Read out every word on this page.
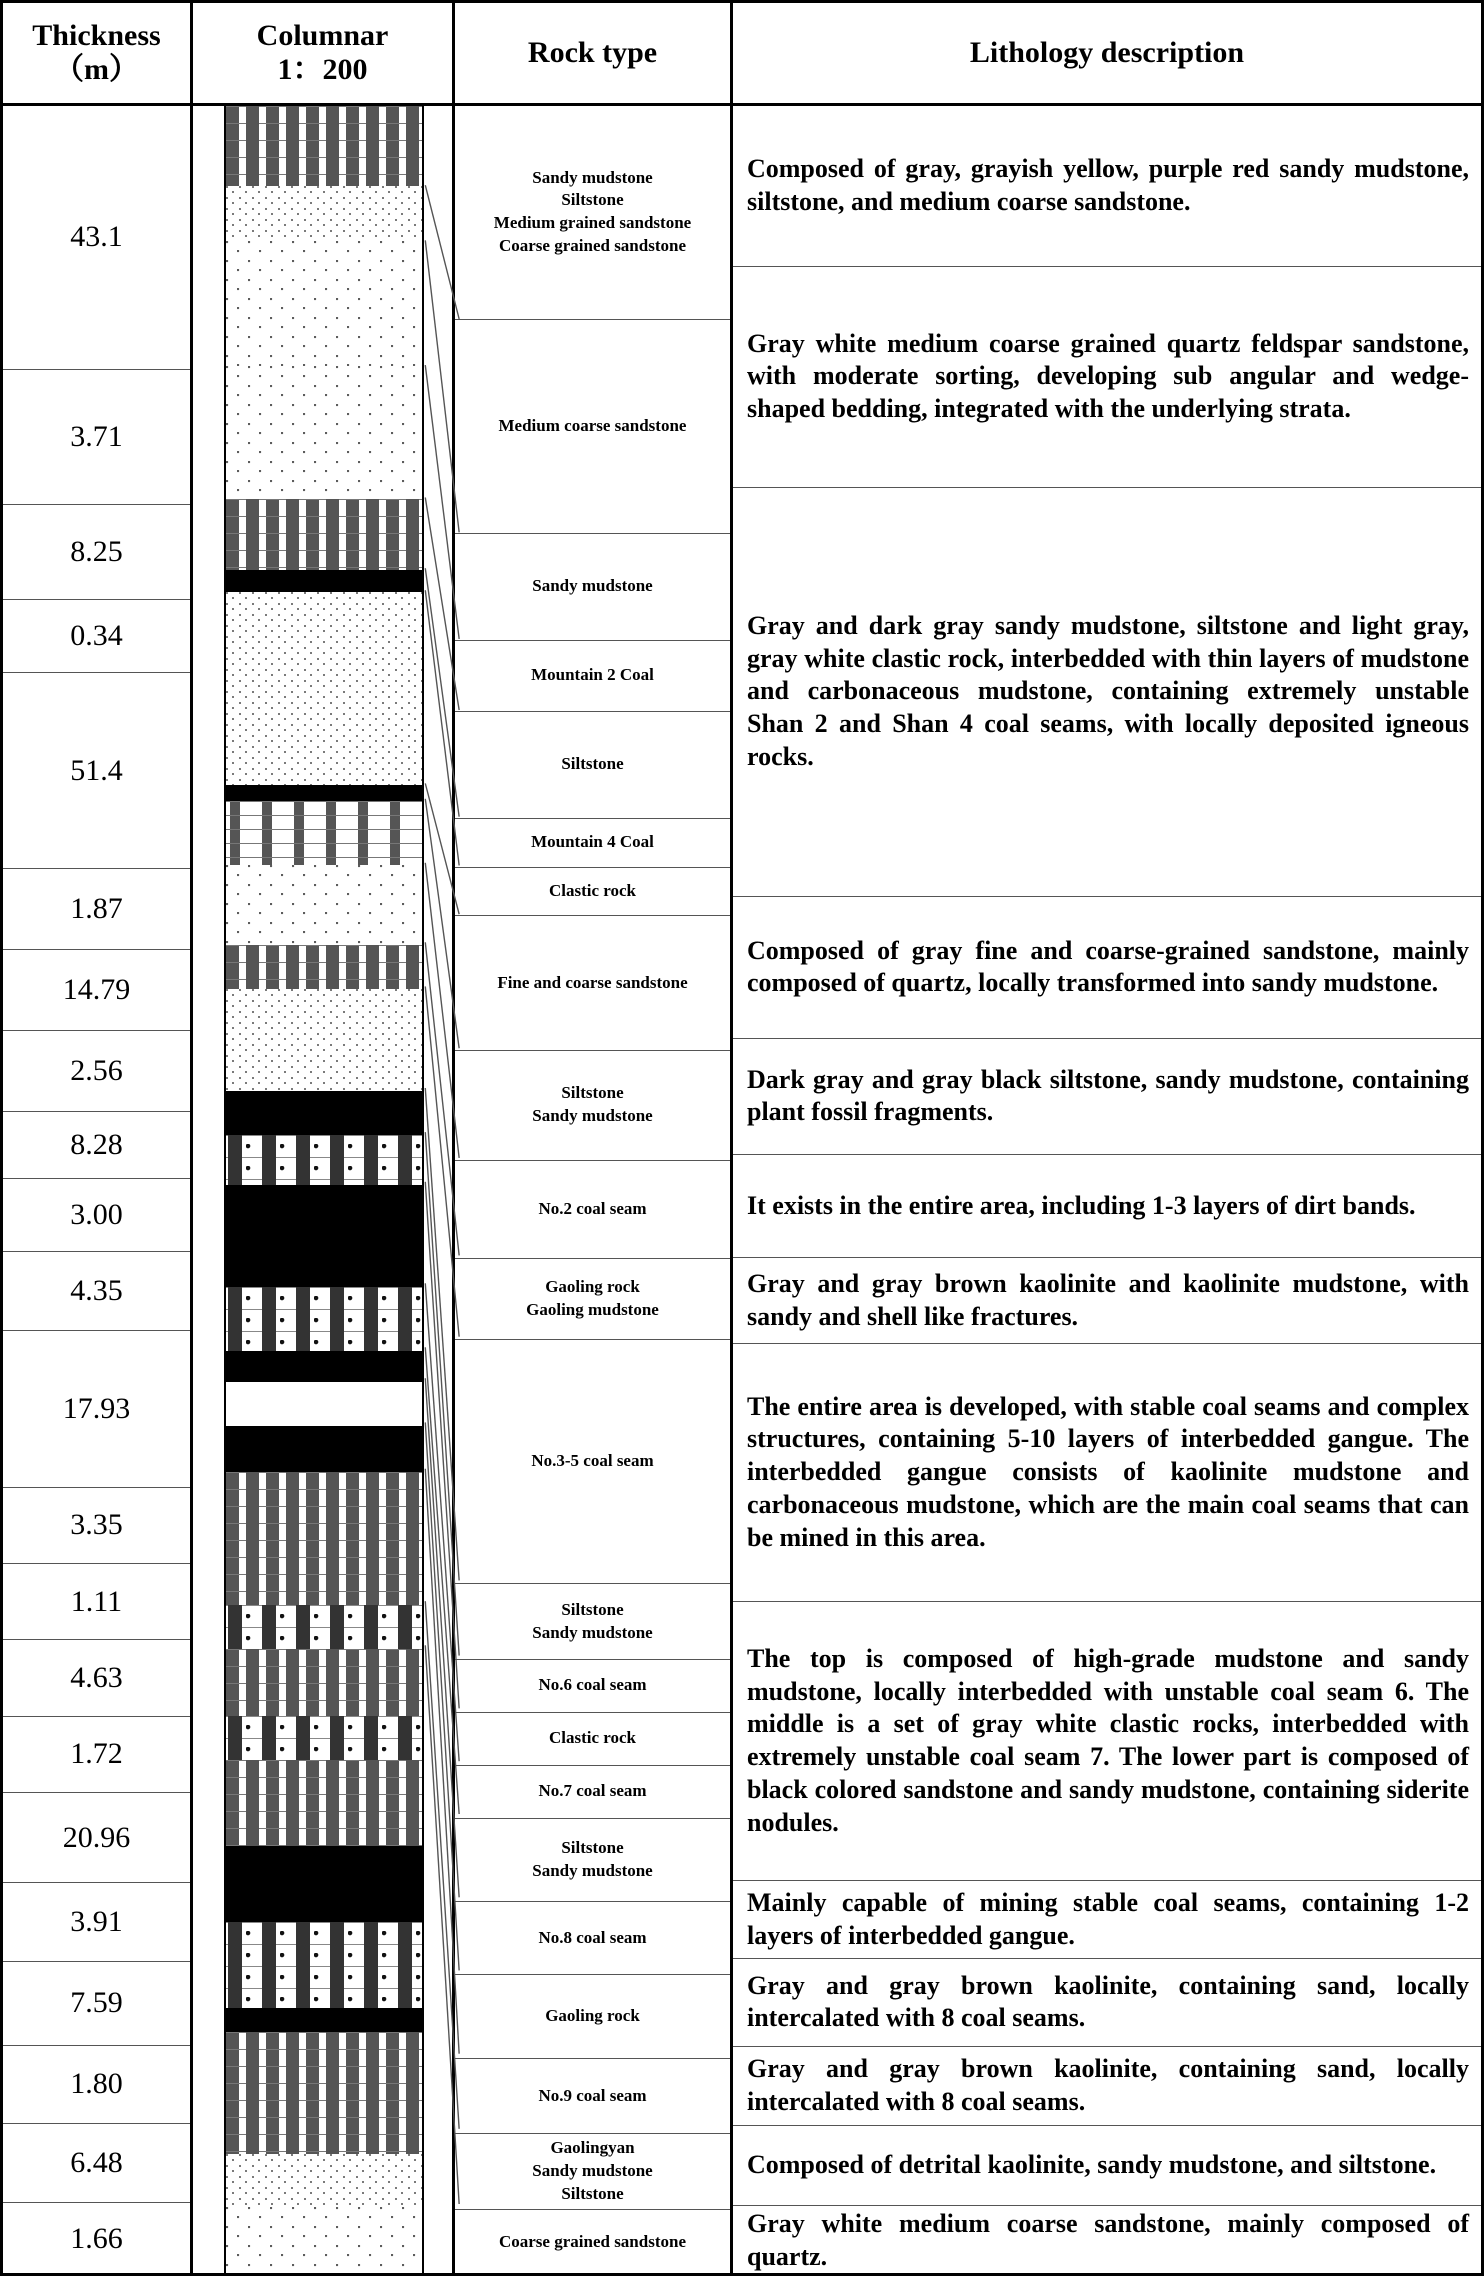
Thickness
（m）
Columnar
1：200
Rock type	Lithology description
43.1
3.71
8.25
0.34
51.4
1.87
14.79
2.56
8.28
3.00
4.35
17.93
3.35
1.11
4.63
1.72
20.96
3.91
7.59
1.80
6.48
1.66
Sandy mudstone
Siltstone
Medium grained sandstone
Coarse grained sandstone
Medium coarse sandstone
Sandy mudstone
Mountain 2 Coal
Siltstone
Mountain 4 Coal
Clastic rock
Fine and coarse sandstone
Siltstone
Sandy mudstone
No.2 coal seam
Gaoling rock
Gaoling mudstone
No.3-5 coal seam
Siltstone
Sandy mudstone
No.6 coal seam
Clastic rock
No.7 coal seam
Siltstone
Sandy mudstone
No.8 coal seam
Gaoling rock
No.9 coal seam
Gaolingyan
Sandy mudstone
Siltstone
Coarse grained sandstone
Composed of gray, grayish yellow, purple red sandy mudstone, siltstone, and medium coarse sandstone.
Gray white medium coarse grained quartz feldspar sandstone, with moderate sorting, developing sub angular and wedge-shaped bedding, integrated with the underlying strata.
Gray and dark gray sandy mudstone, siltstone and light gray, gray white clastic rock, interbedded with thin layers of mudstone and carbonaceous mudstone, containing extremely unstable Shan 2 and Shan 4 coal seams, with locally deposited igneous rocks.
Composed of gray fine and coarse-grained sandstone, mainly composed of quartz, locally transformed into sandy mudstone.
Dark gray and gray black siltstone, sandy mudstone, containing plant fossil fragments.
It exists in the entire area, including 1-3 layers of dirt bands.
Gray and gray brown kaolinite and kaolinite mudstone, with sandy and shell like fractures.
The entire area is developed, with stable coal seams and complex structures, containing 5-10 layers of interbedded gangue. The interbedded gangue consists of kaolinite mudstone and carbonaceous mudstone, which are the main coal seams that can be mined in this area.
The top is composed of high-grade mudstone and sandy mudstone, locally interbedded with unstable coal seam 6. The middle is a set of gray white clastic rocks, interbedded with extremely unstable coal seam 7. The lower part is composed of black colored sandstone and sandy mudstone, containing siderite nodules.
Mainly capable of mining stable coal seams, containing 1-2 layers of interbedded gangue.
Gray and gray brown kaolinite, containing sand, locally intercalated with 8 coal seams.
Gray and gray brown kaolinite, containing sand, locally intercalated with 8 coal seams.
Composed of detrital kaolinite, sandy mudstone, and siltstone.
Gray white medium coarse sandstone, mainly composed of quartz.
